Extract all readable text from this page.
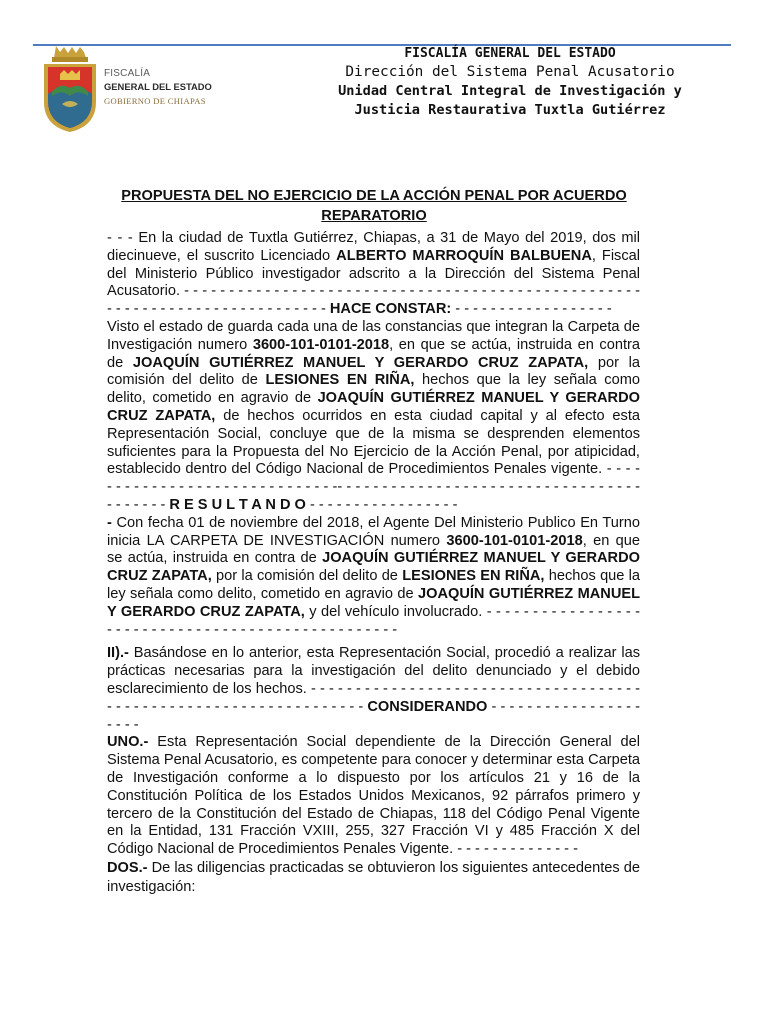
FISCALÍA
GENERAL DEL ESTADO
GOBIERNO DE CHIAPAS
FISCALÍA GENERAL DEL ESTADO
Dirección del Sistema Penal Acusatorio
Unidad Central Integral de Investigación y
Justicia Restaurativa Tuxtla Gutiérrez
PROPUESTA DEL NO EJERCICIO DE LA ACCIÓN PENAL POR ACUERDO REPARATORIO

- - - En la ciudad de Tuxtla Gutiérrez, Chiapas, a 31 de Mayo del 2019, dos mil diecinueve, el suscrito Licenciado ALBERTO MARROQUÍN BALBUENA, Fiscal del Ministerio Público investigador adscrito a la Dirección del Sistema Penal Acusatorio. - - - - - - - - - - - - - - - - - - - - - - - - - - - - - - - - - - - - - - - - - - - - - - - - - - - - - - - - - - - - - - - - - - - - - - - - - - - - HACE CONSTAR: - - - - - - - - - - - - - - - - - -

Visto el estado de guarda cada una de las constancias que integran la Carpeta de Investigación numero 3600-101-0101-2018, en que se actúa, instruida en contra de JOAQUÍN GUTIÉRREZ MANUEL Y GERARDO CRUZ ZAPATA, por la comisión del delito de LESIONES EN RIÑA, hechos que la ley señala como delito, cometido en agravio de JOAQUÍN GUTIÉRREZ MANUEL Y GERARDO CRUZ ZAPATA, de hechos ocurridos en esta ciudad capital y al efecto esta Representación Social, concluye que de la misma se desprenden elementos suficientes para la Propuesta del No Ejercicio de la Acción Penal, por atipicidad, establecido dentro del Código Nacional de Procedimientos Penales vigente. - - - - - - - - - - - - - - - - - - - - - - - - - - - - - -- - - - - - - - - - - - - - - - - - - - - - - - - - - - - - - - - - - - - - - - - R E S U L T A N D O - - - - - - - - - - - - - - - - -

- Con fecha 01 de noviembre del 2018, el Agente Del Ministerio Publico En Turno inicia LA CARPETA DE INVESTIGACIÓN numero 3600-101-0101-2018, en que se actúa, instruida en contra de JOAQUÍN GUTIÉRREZ MANUEL Y GERARDO CRUZ ZAPATA, por la comisión del delito de LESIONES EN RIÑA, hechos que la ley señala como delito, cometido en agravio de JOAQUÍN GUTIÉRREZ MANUEL Y GERARDO CRUZ ZAPATA, y del vehículo involucrado. - - - - - - - - - - - - - - - - - - - - - - - - - - - - - - - - - - - - - - - - - - - - - - - - - -

II).- Basándose en lo anterior, esta Representación Social, procedió a realizar las prácticas necesarias para la investigación del delito denunciado y el debido esclarecimiento de los hechos. - - - - - - - - - - - - - - - - - - - - - - - - - - - - - - - - - - - - - - - - - - - - - - - - - - - - - - - - - - - - - - - - - - CONSIDERANDO - - - - - - - - - - - - - - - - - - - - -

UNO.- Esta Representación Social dependiente de la Dirección General del Sistema Penal Acusatorio, es competente para conocer y determinar esta Carpeta de Investigación conforme a lo dispuesto por los artículos 21 y 16 de la Constitución Política de los Estados Unidos Mexicanos, 92 párrafos primero y tercero de la Constitución del Estado de Chiapas, 118 del Código Penal Vigente en la Entidad, 131 Fracción VXIII, 255, 327 Fracción VI y 485 Fracción X del Código Nacional de Procedimientos Penales Vigente. - - - - - - - - - - - - - -

DOS.- De las diligencias practicadas se obtuvieron los siguientes antecedentes de investigación:
